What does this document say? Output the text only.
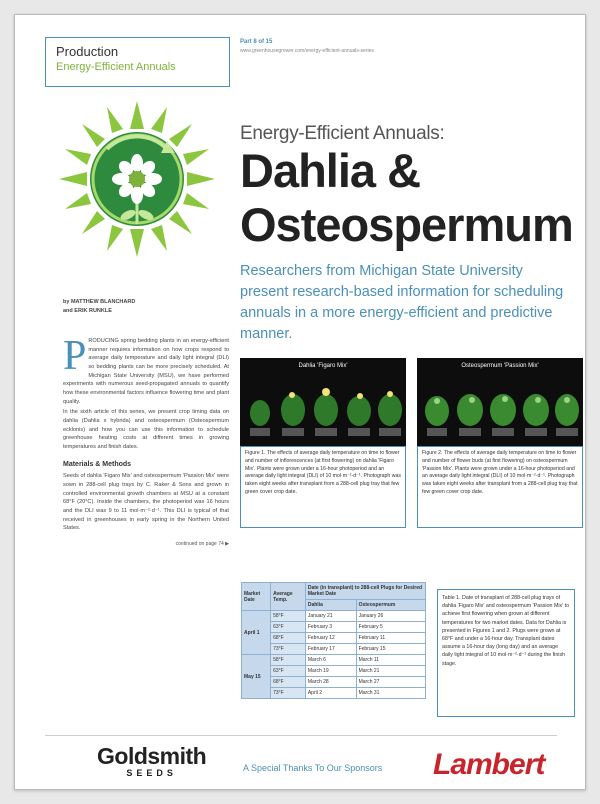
Production
Energy-Efficient Annuals
Part 8 of 15
www.greenhousegrower.com/energy-efficient-annuals-series
Energy-Efficient Annuals:
Dahlia &
Osteospermum
Researchers from Michigan State University present research-based information for scheduling annuals in a more energy-efficient and predictive manner.
by MATTHEW BLANCHARD
and ERIK RUNKLE

P RODUCING spring bedding plants in an energy-efficient manner requires information on how crops respond to average daily temperature and daily light integral (DLI) so bedding plants can be more precisely scheduled. At Michigan State University (MSU), we have performed experiments with numerous seed-propagated annuals to quantify how these environmental factors influence flowering time and plant quality.

In the sixth article of this series, we present crop timing data on dahlia (Dahlia x hybrida) and osteospermum (Osteospermum ecklonis) and how you can use this information to schedule greenhouse heating costs at different times in growing temperatures and finish dates.

Materials & Methods

Seeds of dahlia 'Figaro Mix' and osteospermum 'Passion Mix' were sown in 288-cell plug trays by C. Raker & Sons and grown in controlled environmental growth chambers at MSU at a constant 68°F (20°C). Inside the chambers, the photoperiod was 16 hours and the DLI was 9 to 11 mol·m⁻²·d⁻¹. This DLI is typical of that received in greenhouses in early spring in the Northern United States.

continued on page 74 ▶
Dahlia 'Figaro Mix'
Figure 1. The effects of average daily temperature on time to flower and number of inflorescences (at first flowering) on dahlia 'Figaro Mix'. Plants were grown under a 16-hour photoperiod and an average daily light integral (DLI) of 10 mol·m⁻²·d⁻¹. Photograph was taken eight weeks after transplant from a 288-cell plug tray that few green cover crop date.
Osteospermum 'Passion Mix'
Figure 2. The effects of average daily temperature on time to flower and number of flower buds (at first flowering) on osteospermum 'Passion Mix'. Plants were grown under a 16-hour photoperiod and an average daily light integral (DLI) of 10 mol·m⁻²·d⁻¹. Photograph was taken eight weeks after transplant from a 288-cell plug tray that few green cover crop date.
Market Date	Average Temp.	Date (in transplant) to 288-cell Plugs for Desired Market Date	
		Dahlia	Osteospermum
April 1	58°F	January 21	January 26
	63°F	February 3	February 5
	68°F	February 12	February 11
	73°F	February 17	February 15
May 15	58°F	March 6	March 11
	63°F	March 19	March 21
	68°F	March 28	March 27
	73°F	April 2	March 31
Table 1. Date of transplant of 288-cell plug trays of dahlia 'Figaro Mix' and osteospermum 'Passion Mix' to achieve first flowering when grown at different temperatures for two market dates. Data for Dahlia is presented in Figures 1 and 2. Plugs were grown at 68°F and under a 16-hour day. Transplant dates assume a 16-hour day (long day) and an average daily light integral of 10 mol·m⁻²·d⁻¹ during the finish stage.
Goldsmith
SEEDS	A Special Thanks To Our Sponsors Lambert
